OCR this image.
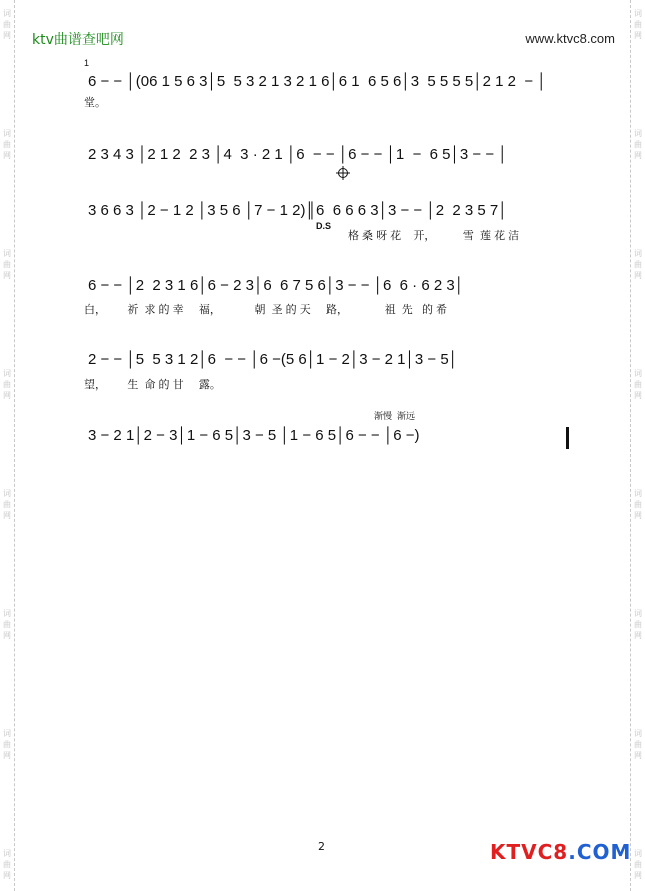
词
曲
网
词
曲
网
词
曲
网
词
曲
网
词
曲
网
词
曲
网
词
曲
网
词
曲
网
词
曲
网
词
曲
网
词
曲
网
词
曲
网
词
曲
网
词
曲
网
词
曲
网
词
曲
网
ktv曲谱查吧网	www.ktvc8.com
1
6 − − │(06 1 5 6 3│5  5 3 2 1 3 2 1 6│6 1  6 5 6│3  5 5 5 5│2 1 2  − │
堂。
2 3 4 3 │2 1 2  2 3 │4  3 · 2 1 │6  − − │6 − − │1  −  6 5│3 − − │
3 6 6 3 │2 − 1 2 │3 5 6 │7 − 1 2)║6  6 6 6 3│3 − − │2  2 3 5 7│
D.S
格 桑 呀 花    开，         雪  莲 花 洁
6 − − │2  2 3 1 6│6 − 2 3│6  6 7 5 6│3 − − │6  6 · 6 2 3│
白，       祈  求 的 幸     福，           朝  圣 的 天     路，            祖  先   的 希
2 − − │5  5 3 1 2│6  − − │6 −(5 6│1 − 2│3 − 2 1│3 − 5│
望，       生  命 的 甘     露。
渐慢  渐远
3 − 2 1│2 − 3│1 − 6 5│3 − 5 │1 − 6 5│6 − − │6 −)
2	KTVC8.COM
